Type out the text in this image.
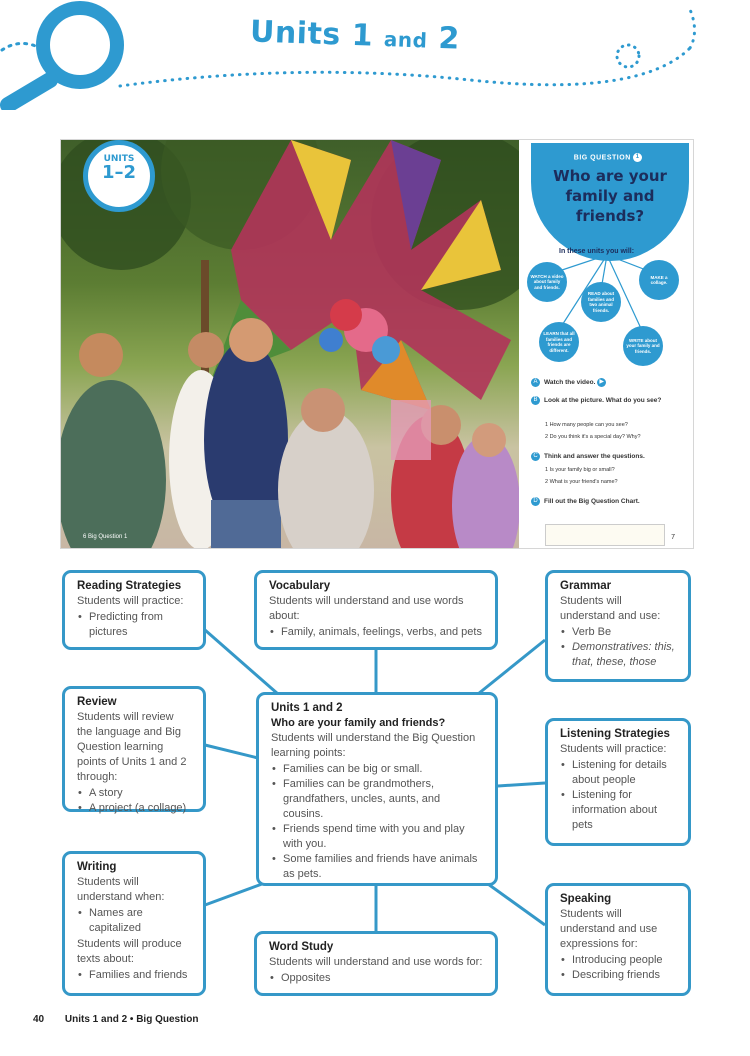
Units 1 and 2
UNITS
1–2
6 Big Question 1
BIG QUESTION 1
Who are your
family and
friends?
In these units you will:
WATCH a video about family and friends.
READ about families and two animal friends.
MAKE a collage.
LEARN that all families and friends are different.
WRITE about your family and friends.
A Watch the video. ▶
B Look at the picture. What do you see?
1 How many people can you see?
2 Do you think it's a special day? Why?
C Think and answer the questions.
1 Is your family big or small?
2 What is your friend's name?
D Fill out the Big Question Chart.
7
Reading Strategies
Students will practice:
• Predicting from pictures
Vocabulary
Students will understand and use words about:
• Family, animals, feelings, verbs, and pets
Grammar
Students will understand and use:
• Verb Be
• Demonstratives: this, that, these, those
Review
Students will review the language and Big Question learning points of Units 1 and 2 through:
• A story
• A project (a collage)
Units 1 and 2
Who are your family and friends?
Students will understand the Big Question learning points:
• Families can be big or small.
• Families can be grandmothers, grandfathers, uncles, aunts, and cousins.
• Friends spend time with you and play with you.
• Some families and friends have animals as pets.
Listening Strategies
Students will practice:
• Listening for details about people
• Listening for information about pets
Writing
Students will understand when:
• Names are capitalized
Students will produce texts about:
• Families and friends
Word Study
Students will understand and use words for:
• Opposites
Speaking
Students will understand and use expressions for:
• Introducing people
• Describing friends
40 Units 1 and 2 • Big Question
